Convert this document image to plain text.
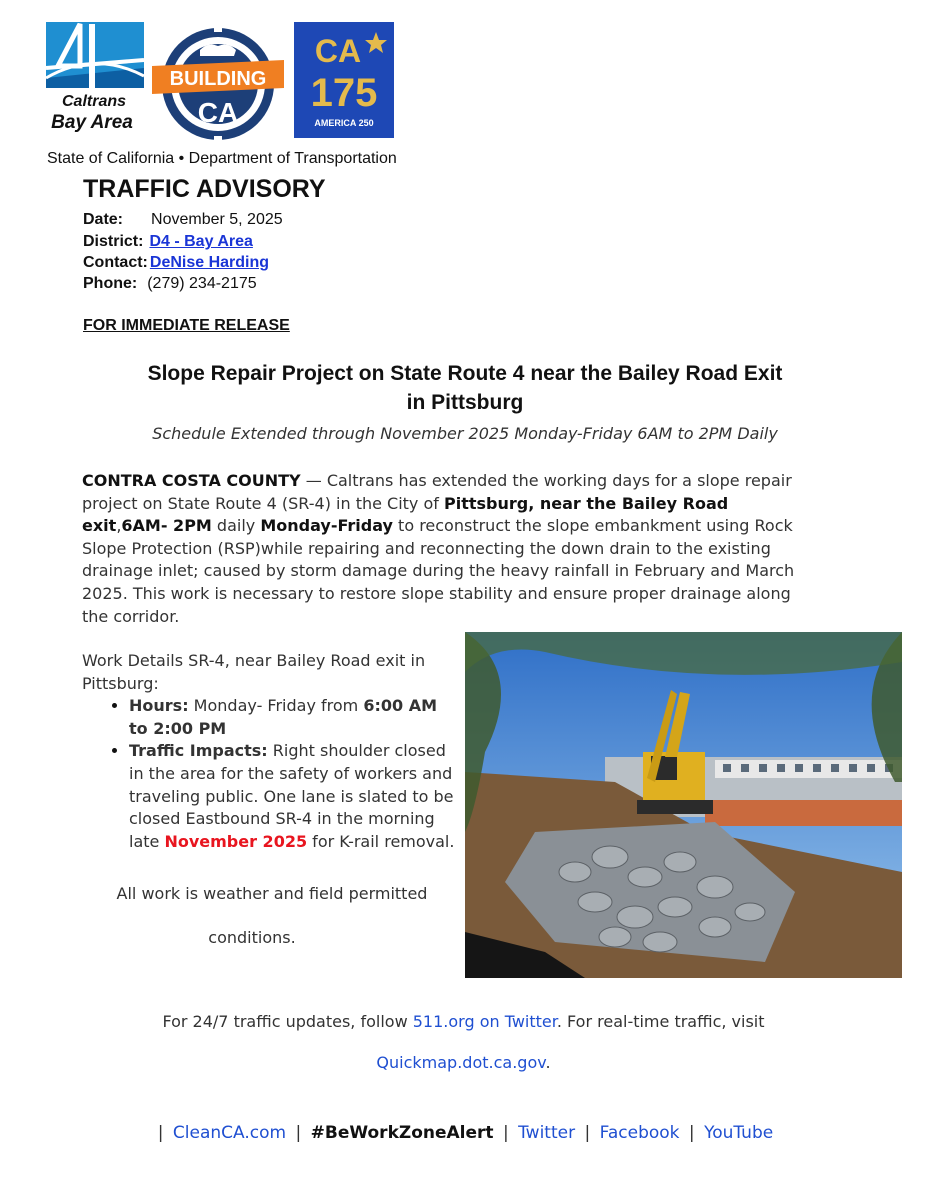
Caltrans
Bay Area
BUILDING
CA
CA
175
AMERICA 250
State of California • Department of Transportation
TRAFFIC ADVISORY
Date: November 5, 2025
District: D4 - Bay Area
Contact: DeNise Harding
Phone: (279) 234-2175
FOR IMMEDIATE RELEASE
Slope Repair Project on State Route 4 near the Bailey Road Exit
in Pittsburg
Schedule Extended through November 2025 Monday-Friday 6AM to 2PM Daily
CONTRA COSTA COUNTY — Caltrans has extended the working days for a slope repair project on State Route 4 (SR-4) in the City of Pittsburg, near the Bailey Road exit,6AM- 2PM daily Monday-Friday to reconstruct the slope embankment using Rock Slope Protection (RSP)while repairing and reconnecting the down drain to the existing drainage inlet; caused by storm damage during the heavy rainfall in February and March 2025. This work is necessary to restore slope stability and ensure proper drainage along the corridor.
Work Details SR-4, near Bailey Road exit in Pittsburg:
• Hours: Monday- Friday from 6:00 AM to 2:00 PM
• Traffic Impacts: Right shoulder closed in the area for the safety of workers and traveling public. One lane is slated to be closed Eastbound SR-4 in the morning late November 2025 for K-rail removal.
All work is weather and field permitted
conditions.
For 24/7 traffic updates, follow 511.org on Twitter. For real-time traffic, visit
Quickmap.dot.ca.gov.
| CleanCA.com | #BeWorkZoneAlert | Twitter | Facebook | YouTube
